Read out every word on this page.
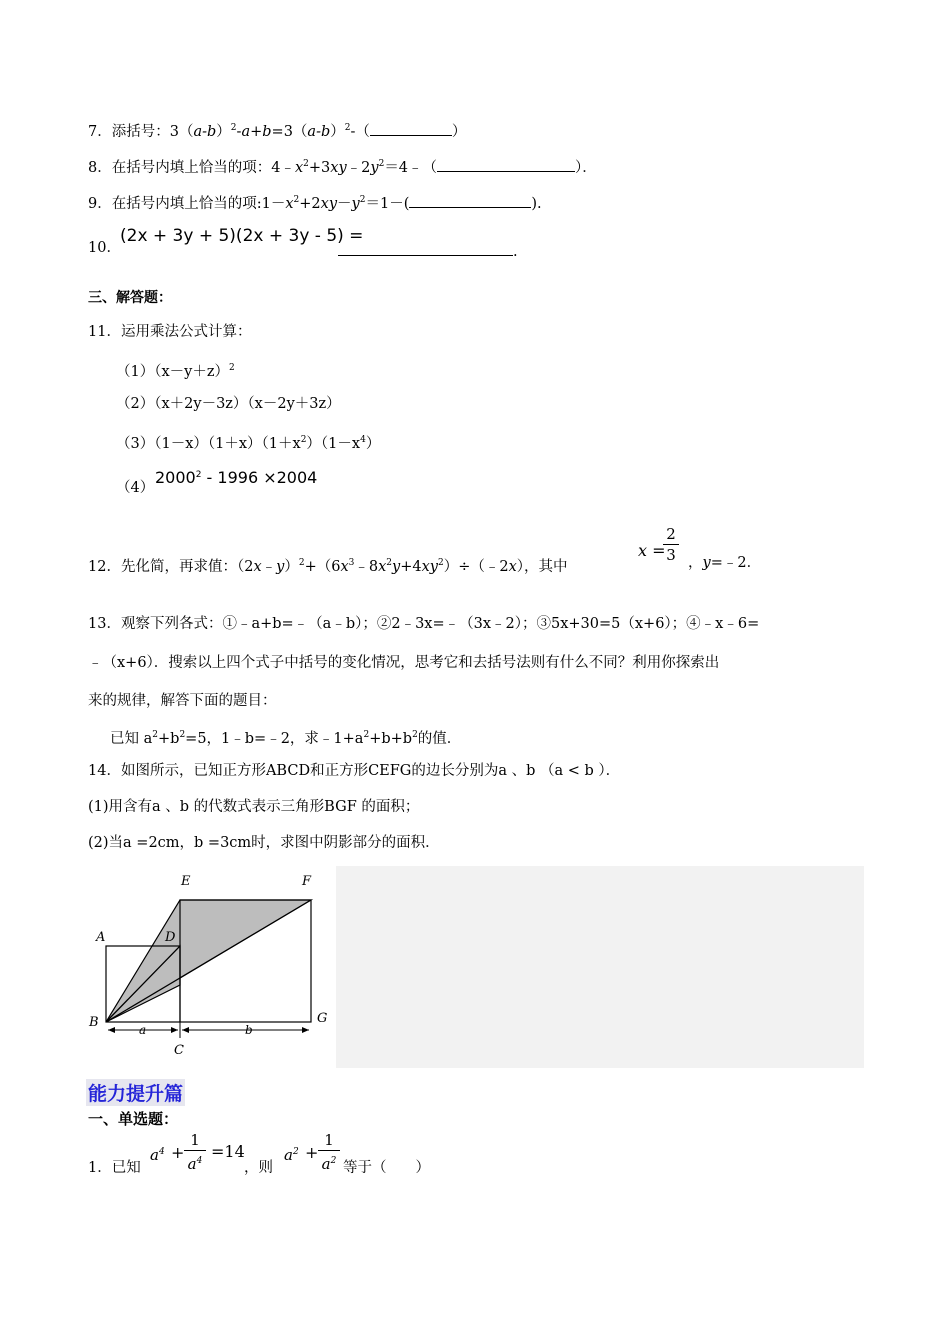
7．添括号：$3(a-b)^2-a+b=3(a-b)^2-$（	）
8．在括号内填上恰当的项：$4﹣x^2+3xy﹣2y^2=4﹣$（	）．
9．在括号内填上恰当的项$:1-x^2+2xy-y^2=1-$(	).
10．
(2x + 3y + 5)(2x + 3y - 5) =
.
三、解答题：
11．运用乘法公式计算：
$(1)(x-y+z)^2$
（2）（x＋2y－3z）（x－2y＋3z）
$(3)(1-x)(1+x)(1+x^2)(1-x^4)$
（4）
2000$^2$ - 1996 ×2004
12．先化简，再求值：$(2x﹣y)^2+(6x^3﹣8x^2y+4xy^2)\div(﹣2x)$，其中
x =
$\frac{2}{3}$ ，y=﹣2．
13．观察下列各式：①﹣a+b=﹣（a﹣b）；②2﹣3x=﹣（3x﹣2）；③5x+30=5（x+6）；④﹣x﹣6=
﹣（x+6）．搜索以上四个式子中括号的变化情况，思考它和去括号法则有什么不同？利用你探索出
来的规律，解答下面的题目：
已知 $a^2+b^2=5$，1﹣b=﹣2，求$﹣1+a^2+b+b^2$的值．
14．如图所示，已知正方形ABCD和正方形CEFG的边长分别为a 、b （a < b ）．
(1)用含有a 、b 的代数式表示三角形BGF 的面积；
(2)当a =2cm，b =3cm时，求图中阴影部分的面积．
E	F
A	D
B	G
C
a	b
能力提升篇
一、单选题：
1．已知
$a^4 + \frac{1}{a^4} =14$
，则
$a^2 + \frac{1}{a^2}$ 等于（　　）
